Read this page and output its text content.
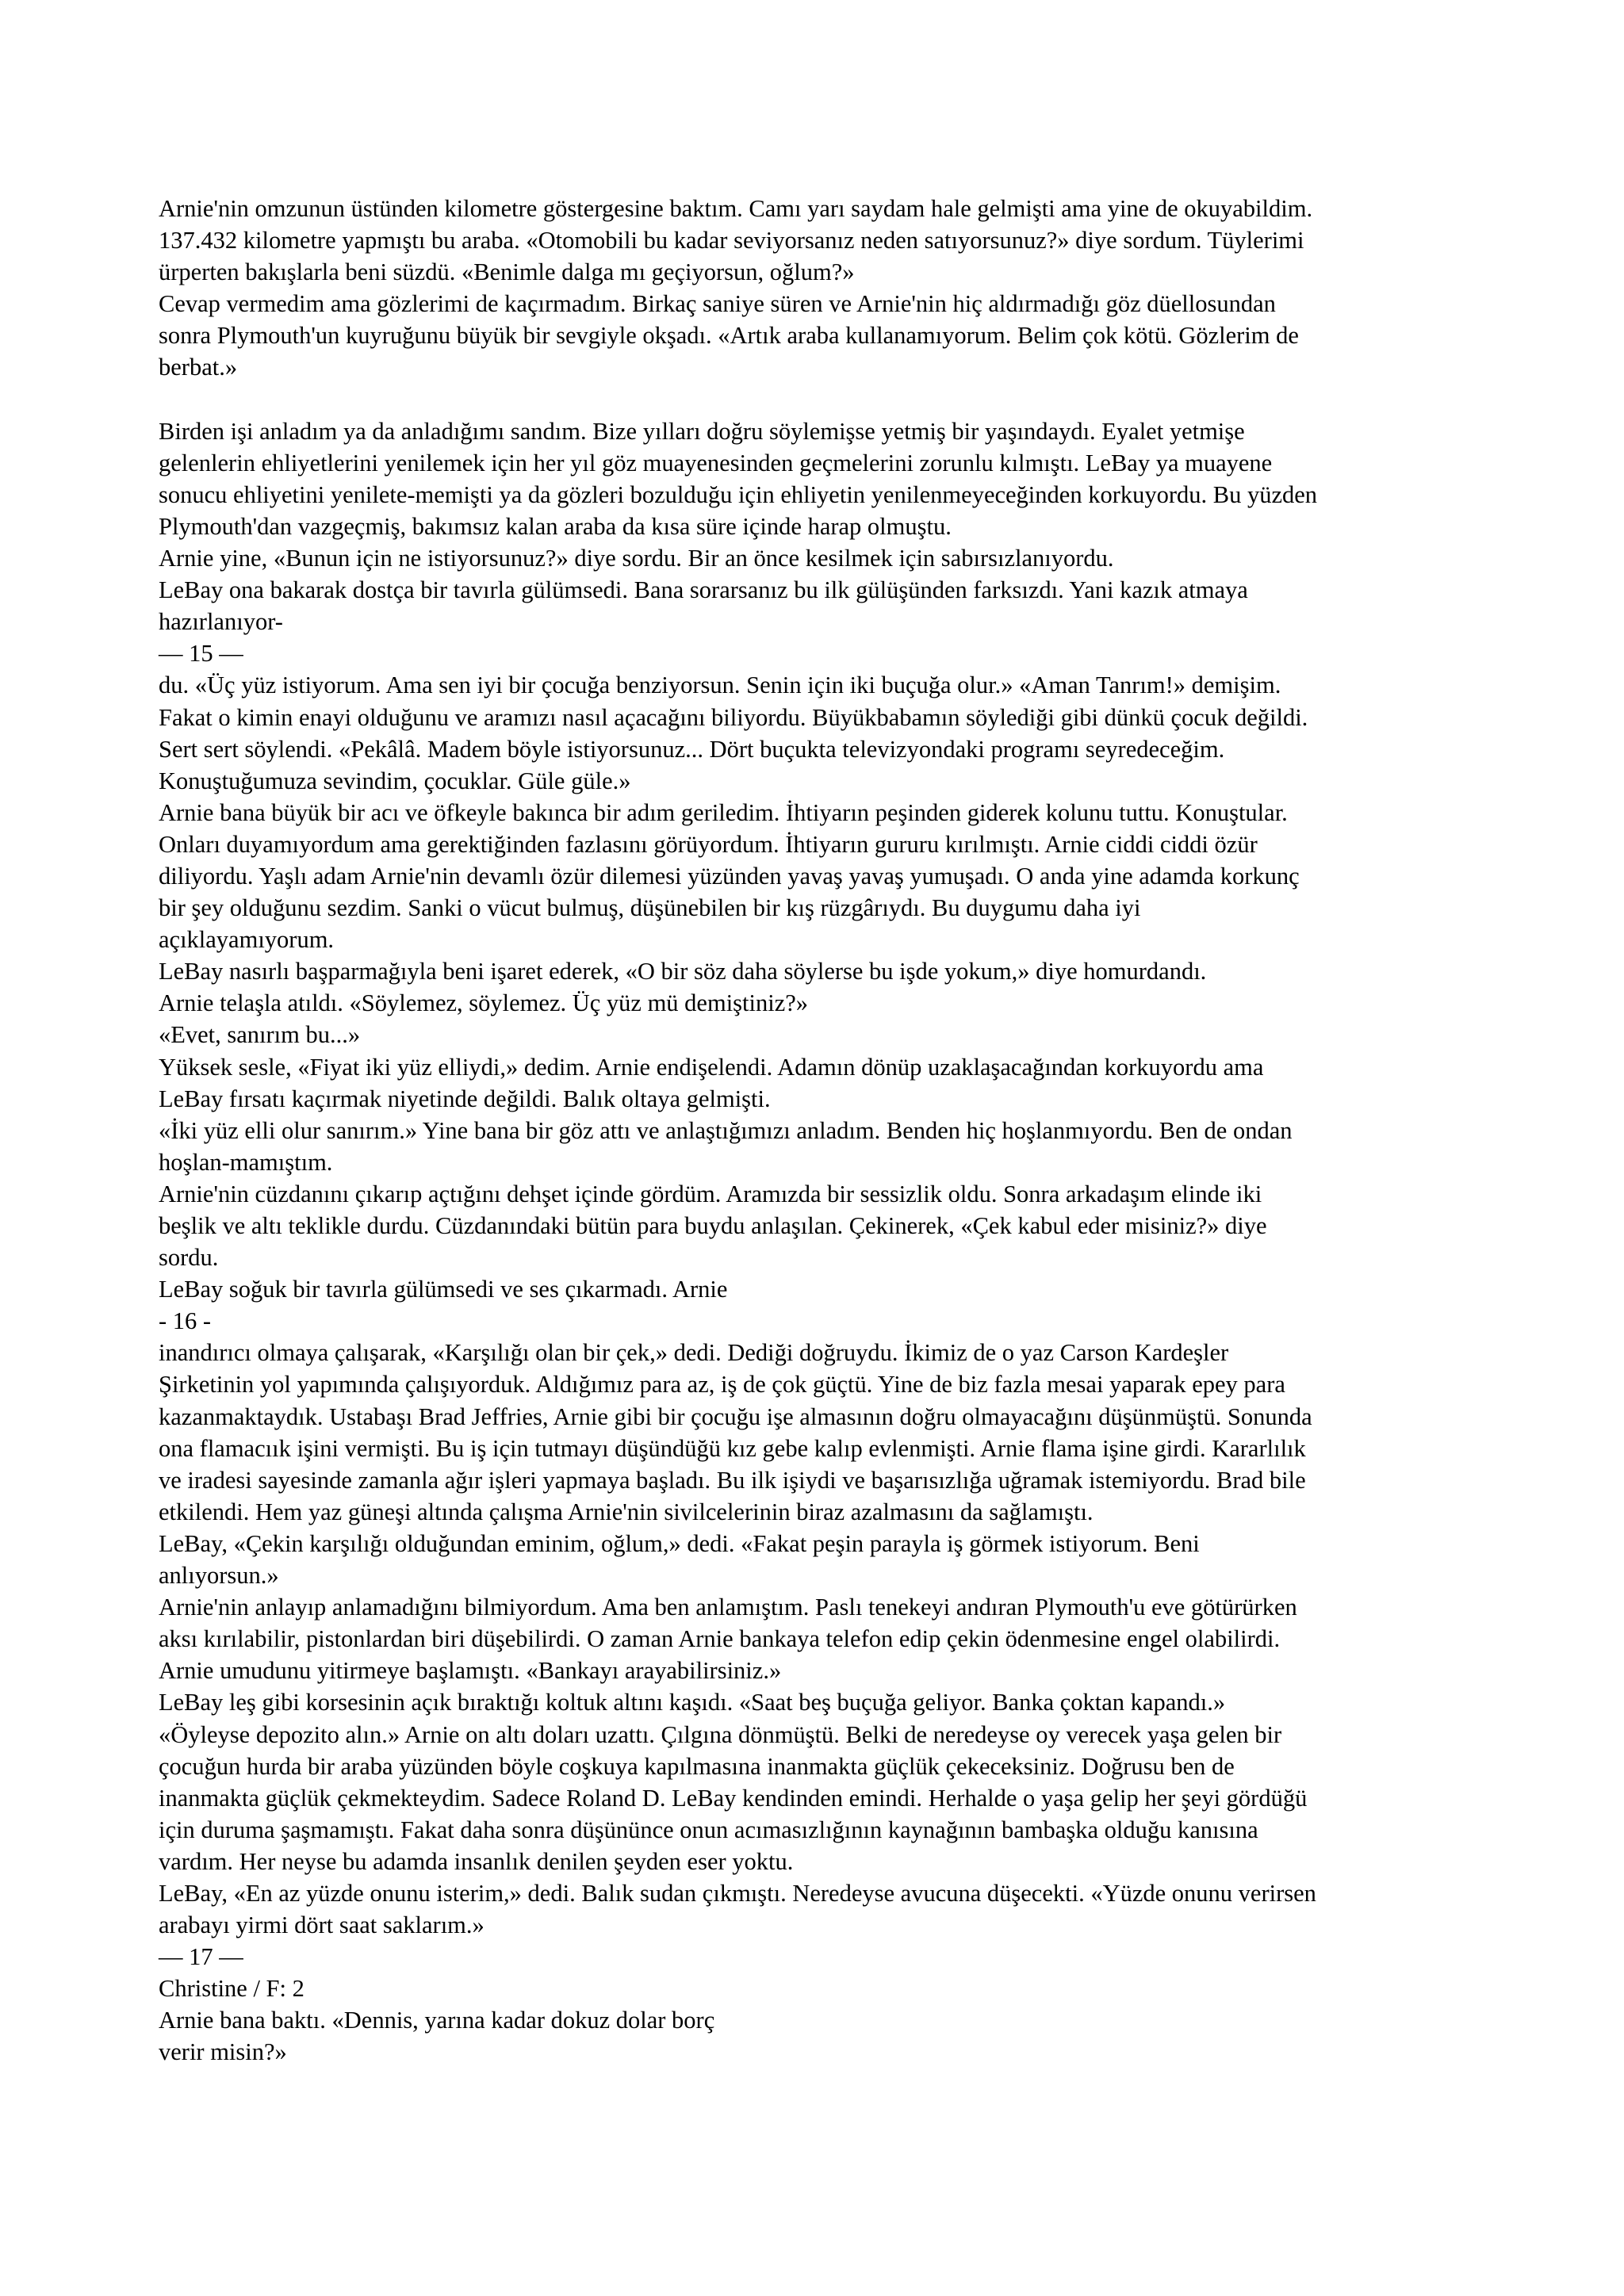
Arnie'nin omzunun üstünden kilometre göstergesine baktım. Camı yarı saydam hale gelmişti ama yine de okuyabildim.

137.432 kilometre yapmıştı bu araba. «Otomobili bu kadar seviyorsanız neden satıyorsunuz?» diye sordum. Tüylerimi

ürperten bakışlarla beni süzdü. «Benimle dalga mı geçiyorsun, oğlum?»

Cevap vermedim ama gözlerimi de kaçırmadım. Birkaç saniye süren ve Arnie'nin hiç aldırmadığı göz düellosundan

sonra Plymouth'un kuyruğunu büyük bir sevgiyle okşadı. «Artık araba kullanamıyorum. Belim çok kötü. Gözlerim de

berbat.»

Birden işi anladım ya da anladığımı sandım. Bize yılları doğru söylemişse yetmiş bir yaşındaydı. Eyalet yetmişe

gelenlerin ehliyetlerini yenilemek için her yıl göz muayenesinden geçmelerini zorunlu kılmıştı. LeBay ya muayene

sonucu ehliyetini yenilete-memişti ya da gözleri bozulduğu için ehliyetin yenilenmeyeceğinden korkuyordu. Bu yüzden

Plymouth'dan vazgeçmiş, bakımsız kalan araba da kısa süre içinde harap olmuştu.

Arnie yine, «Bunun için ne istiyorsunuz?» diye sordu. Bir an önce kesilmek için sabırsızlanıyordu.

LeBay ona bakarak dostça bir tavırla gülümsedi. Bana sorarsanız bu ilk gülüşünden farksızdı. Yani kazık atmaya

hazırlanıyor-

— 15 —

du. «Üç yüz istiyorum. Ama sen iyi bir çocuğa benziyorsun. Senin için iki buçuğa olur.» «Aman Tanrım!» demişim.

Fakat o kimin enayi olduğunu ve aramızı nasıl açacağını biliyordu. Büyükbabamın söylediği gibi dünkü çocuk değildi.

Sert sert söylendi. «Pekâlâ. Madem böyle istiyorsunuz... Dört buçukta televizyondaki programı seyredeceğim.

Konuştuğumuza sevindim, çocuklar. Güle güle.»

Arnie bana büyük bir acı ve öfkeyle bakınca bir adım geriledim. İhtiyarın peşinden giderek kolunu tuttu. Konuştular.

Onları duyamıyordum ama gerektiğinden fazlasını görüyordum. İhtiyarın gururu kırılmıştı. Arnie ciddi ciddi özür

diliyordu. Yaşlı adam Arnie'nin devamlı özür dilemesi yüzünden yavaş yavaş yumuşadı. O anda yine adamda korkunç

bir şey olduğunu sezdim. Sanki o vücut bulmuş, düşünebilen bir kış rüzgârıydı. Bu duygumu daha iyi

açıklayamıyorum.

LeBay nasırlı başparmağıyla beni işaret ederek, «O bir söz daha söylerse bu işde yokum,» diye homurdandı.

Arnie telaşla atıldı. «Söylemez, söylemez. Üç yüz mü demiştiniz?»

«Evet, sanırım bu...»

Yüksek sesle, «Fiyat iki yüz elliydi,» dedim. Arnie endişelendi. Adamın dönüp uzaklaşacağından korkuyordu ama

LeBay fırsatı kaçırmak niyetinde değildi. Balık oltaya gelmişti.

«İki yüz elli olur sanırım.» Yine bana bir göz attı ve anlaştığımızı anladım. Benden hiç hoşlanmıyordu. Ben de ondan

hoşlan-mamıştım.

Arnie'nin cüzdanını çıkarıp açtığını dehşet içinde gördüm. Aramızda bir sessizlik oldu. Sonra arkadaşım elinde iki

beşlik ve altı teklikle durdu. Cüzdanındaki bütün para buydu anlaşılan. Çekinerek, «Çek kabul eder misiniz?» diye

sordu.

LeBay soğuk bir tavırla gülümsedi ve ses çıkarmadı. Arnie

- 16 -

inandırıcı olmaya çalışarak, «Karşılığı olan bir çek,» dedi. Dediği doğruydu. İkimiz de o yaz Carson Kardeşler

Şirketinin yol yapımında çalışıyorduk. Aldığımız para az, iş de çok güçtü. Yine de biz fazla mesai yaparak epey para

kazanmaktaydık. Ustabaşı Brad Jeffries, Arnie gibi bir çocuğu işe almasının doğru olmayacağını düşünmüştü. Sonunda

ona flamacıık işini vermişti. Bu iş için tutmayı düşündüğü kız gebe kalıp evlenmişti. Arnie flama işine girdi. Kararlılık

ve iradesi sayesinde zamanla ağır işleri yapmaya başladı. Bu ilk işiydi ve başarısızlığa uğramak istemiyordu. Brad bile

etkilendi. Hem yaz güneşi altında çalışma Arnie'nin sivilcelerinin biraz azalmasını da sağlamıştı.

LeBay, «Çekin karşılığı olduğundan eminim, oğlum,» dedi. «Fakat peşin parayla iş görmek istiyorum. Beni

anlıyorsun.»

Arnie'nin anlayıp anlamadığını bilmiyordum. Ama ben anlamıştım. Paslı tenekeyi andıran Plymouth'u eve götürürken

aksı kırılabilir, pistonlardan biri düşebilirdi. O zaman Arnie bankaya telefon edip çekin ödenmesine engel olabilirdi.

Arnie umudunu yitirmeye başlamıştı. «Bankayı arayabilirsiniz.»

LeBay leş gibi korsesinin açık bıraktığı koltuk altını kaşıdı. «Saat beş buçuğa geliyor. Banka çoktan kapandı.»

«Öyleyse depozito alın.» Arnie on altı doları uzattı. Çılgına dönmüştü. Belki de neredeyse oy verecek yaşa gelen bir

çocuğun hurda bir araba yüzünden böyle coşkuya kapılmasına inanmakta güçlük çekeceksiniz. Doğrusu ben de

inanmakta güçlük çekmekteydim. Sadece Roland D. LeBay kendinden emindi. Herhalde o yaşa gelip her şeyi gördüğü

için duruma şaşmamıştı. Fakat daha sonra düşününce onun acımasızlığının kaynağının bambaşka olduğu kanısına

vardım. Her neyse bu adamda insanlık denilen şeyden eser yoktu.

LeBay, «En az yüzde onunu isterim,» dedi. Balık sudan çıkmıştı. Neredeyse avucuna düşecekti. «Yüzde onunu verirsen

arabayı yirmi dört saat saklarım.»

— 17 —

Christine / F: 2

Arnie bana baktı. «Dennis, yarına kadar dokuz dolar borç

verir misin?»
